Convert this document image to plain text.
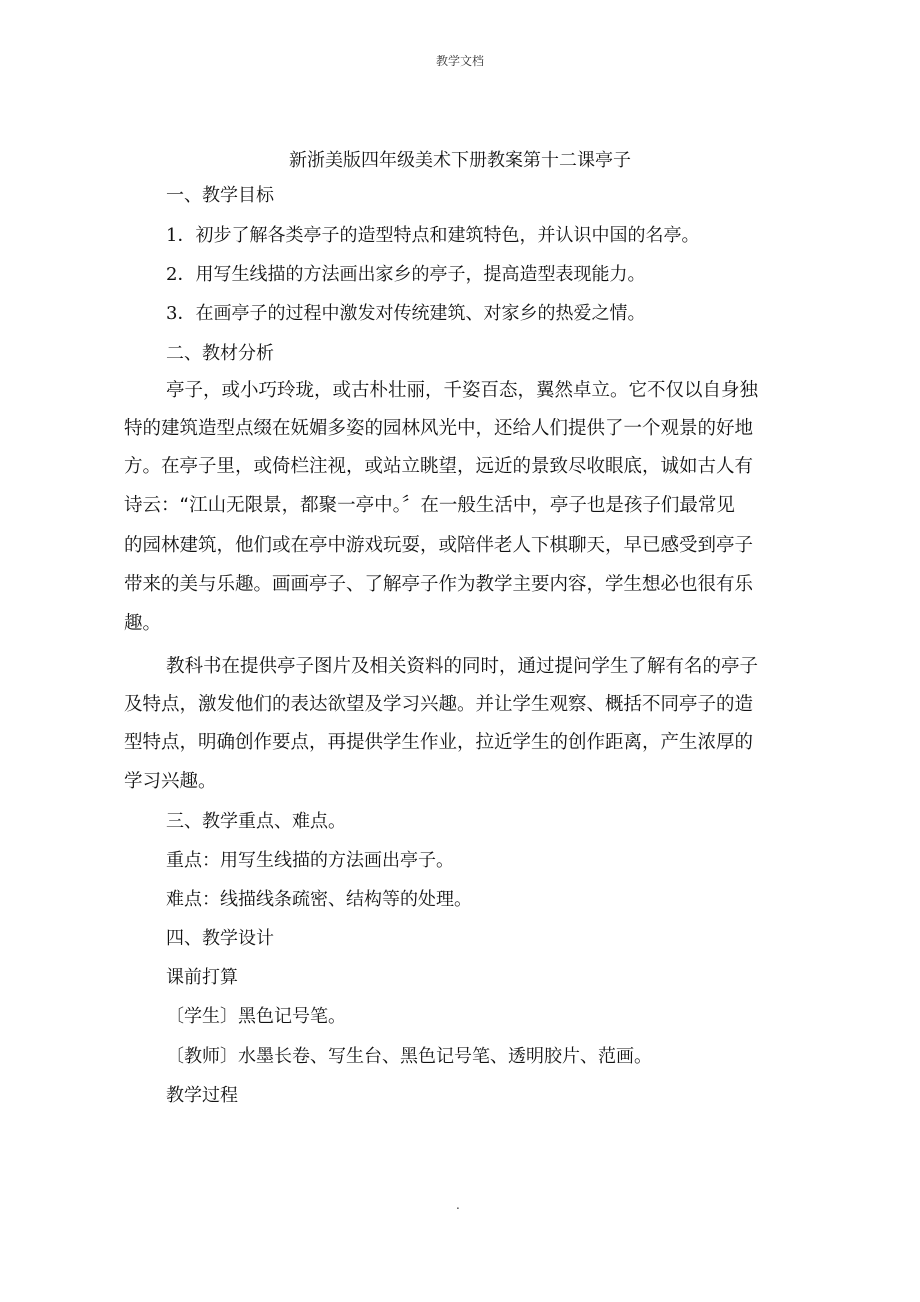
教学文档
新浙美版四年级美术下册教案第十二课亭子
一、教学目标
1．初步了解各类亭子的造型特点和建筑特色，并认识中国的名亭。
2．用写生线描的方法画出家乡的亭子，提高造型表现能力。
3．在画亭子的过程中激发对传统建筑、对家乡的热爱之情。
二、教材分析
亭子，或小巧玲珑，或古朴壮丽，千姿百态，翼然卓立。它不仅以自身独
特的建筑造型点缀在妩媚多姿的园林风光中，还给人们提供了一个观景的好地
方。在亭子里，或倚栏注视，或站立眺望，远近的景致尽收眼底，诚如古人有
诗云：“江山无限景，都聚一亭中。〞在一般生活中，亭子也是孩子们最常见
的园林建筑，他们或在亭中游戏玩耍，或陪伴老人下棋聊天，早已感受到亭子
带来的美与乐趣。画画亭子、了解亭子作为教学主要内容，学生想必也很有乐
趣。
教科书在提供亭子图片及相关资料的同时，通过提问学生了解有名的亭子
及特点，激发他们的表达欲望及学习兴趣。并让学生观察、概括不同亭子的造
型特点，明确创作要点，再提供学生作业，拉近学生的创作距离，产生浓厚的
学习兴趣。
三、教学重点、难点。
重点：用写生线描的方法画出亭子。
难点：线描线条疏密、结构等的处理。
四、教学设计
课前打算
〔学生〕黑色记号笔。
〔教师〕水墨长卷、写生台、黑色记号笔、透明胶片、范画。
教学过程
.
